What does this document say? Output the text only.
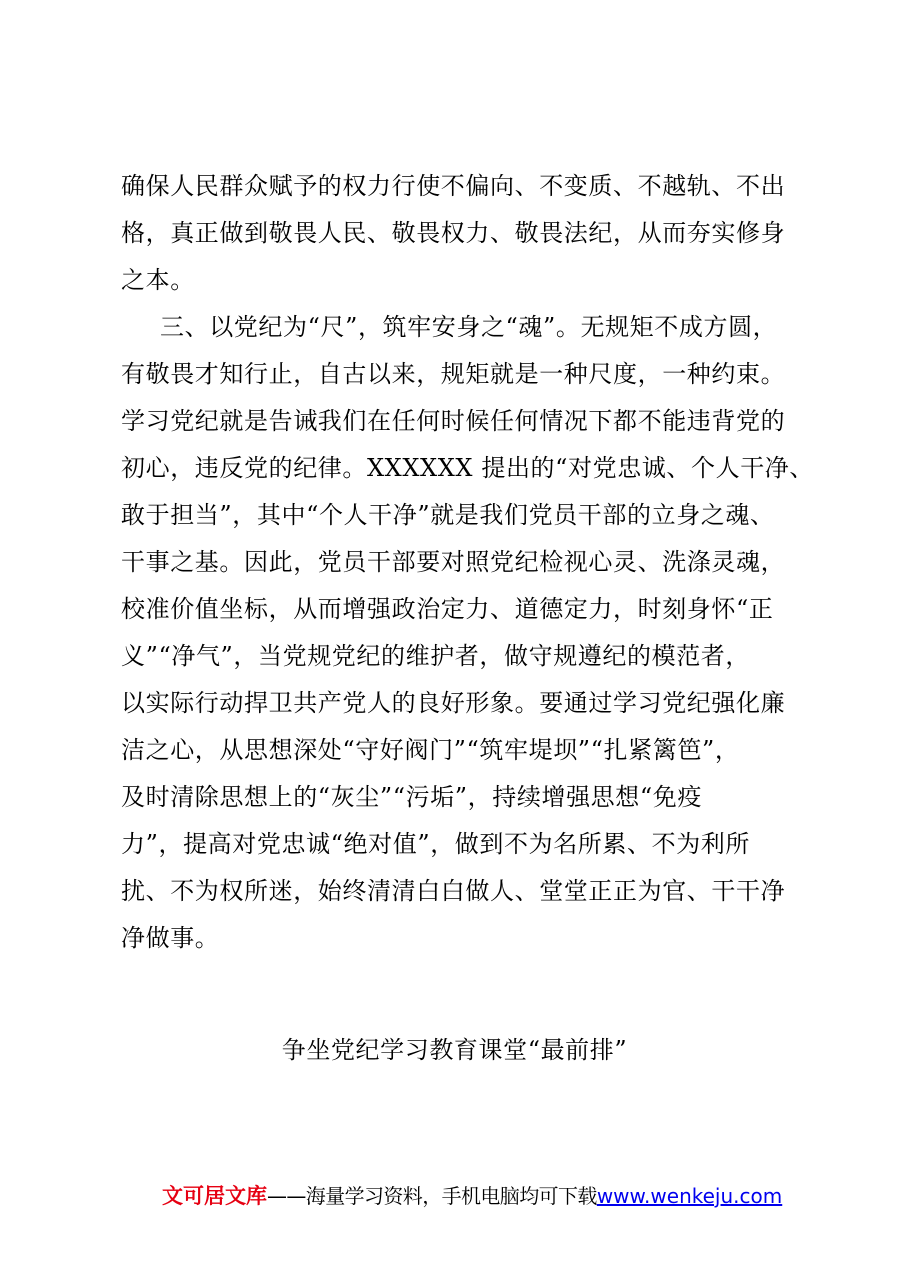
确保人民群众赋予的权力行使不偏向、不变质、不越轨、不出
格，真正做到敬畏人民、敬畏权力、敬畏法纪，从而夯实修身
之本。
三、以党纪为“尺”，筑牢安身之“魂”。无规矩不成方圆，
有敬畏才知行止，自古以来，规矩就是一种尺度，一种约束。
学习党纪就是告诫我们在任何时候任何情况下都不能违背党的
初心，违反党的纪律。XXXXXX 提出的“对党忠诚、个人干净、
敢于担当”，其中“个人干净”就是我们党员干部的立身之魂、
干事之基。因此，党员干部要对照党纪检视心灵、洗涤灵魂，
校准价值坐标，从而增强政治定力、道德定力，时刻身怀“正
义”“净气”，当党规党纪的维护者，做守规遵纪的模范者，
以实际行动捍卫共产党人的良好形象。要通过学习党纪强化廉
洁之心，从思想深处“守好阀门”“筑牢堤坝”“扎紧篱笆”，
及时清除思想上的“灰尘”“污垢”，持续增强思想“免疫
力”，提高对党忠诚“绝对值”，做到不为名所累、不为利所
扰、不为权所迷，始终清清白白做人、堂堂正正为官、干干净
净做事。
争坐党纪学习教育课堂“最前排”
文可居文库——海量学习资料，手机电脑均可下载www.wenkeju.com
